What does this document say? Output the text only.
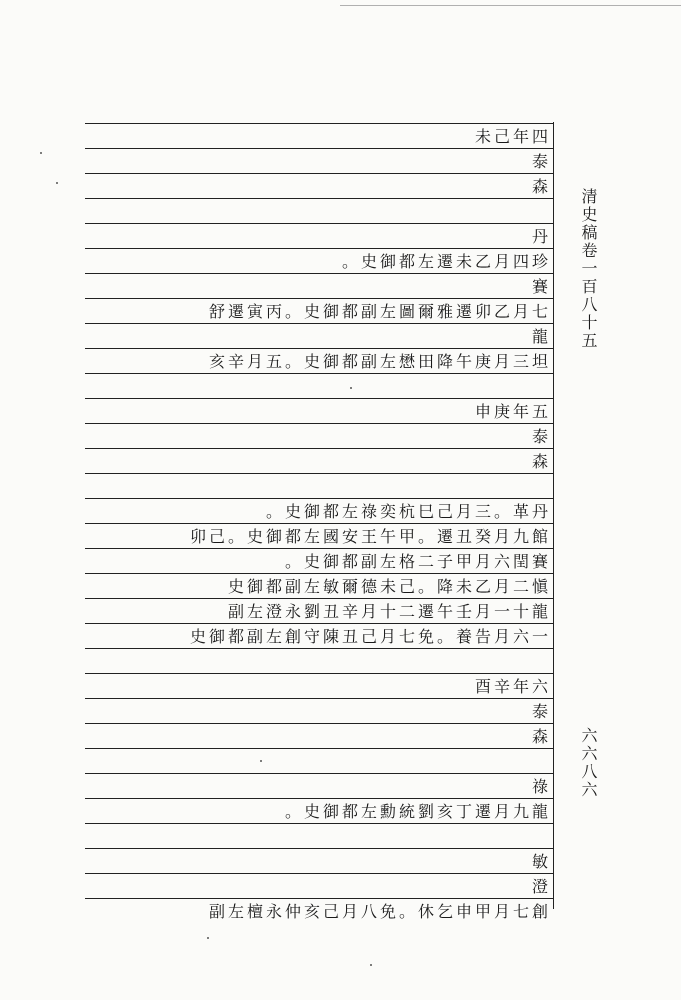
四年己未
泰
森
丹
珍四月乙未遷左都御史。
賽
七月乙卯遷雅爾圖左副都御史。丙寅遷舒
龍
坦三月庚午降田懋左副都御史。五月辛亥
五年庚申
泰
森
丹革。三月己巳杭奕祿左都御史。
館九月癸丑遷。甲午王安國左都御史。己卯
賽閏六月甲子二格左副都御史。
愼二月乙未降。己未德爾敏左副都御史
龍十一月壬午遷二十月辛丑劉永澄左副
一六月告養。免七月己丑陳守創左副都御史
六年辛酉
泰
森
祿
龍九月遷丁亥劉統勳左都御史。
敏
澄
創七月甲申乞休。免八月己亥仲永檀左副
清史稿卷一百八十五
六六八六
